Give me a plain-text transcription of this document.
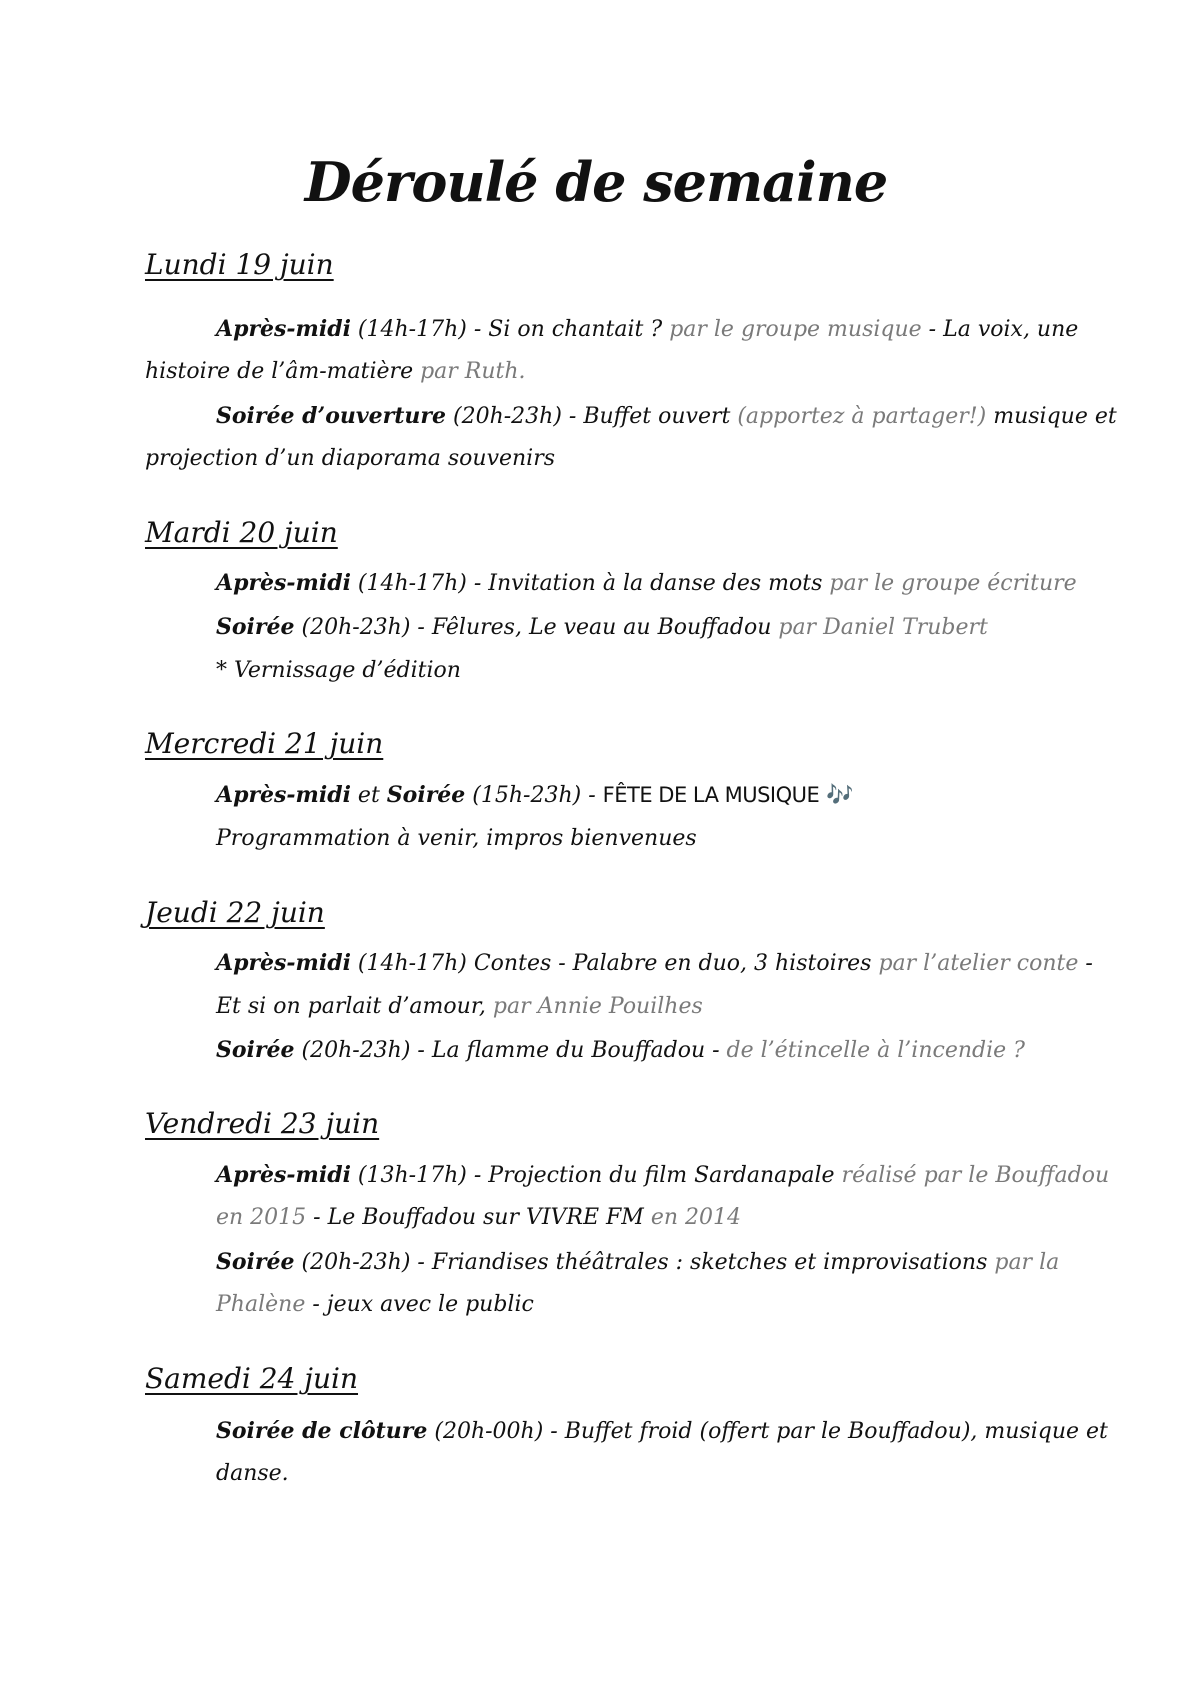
Déroulé de semaine
Lundi 19 juin
Après-midi (14h-17h) - Si on chantait ? par le groupe musique - La voix, une
histoire de l’âm-matière par Ruth.
Soirée d’ouverture (20h-23h) - Buffet ouvert (apportez à partager!) musique et
projection d’un diaporama souvenirs
Mardi 20 juin
Après-midi (14h-17h) - Invitation à la danse des mots par le groupe écriture
Soirée (20h-23h) - Fêlures, Le veau au Bouffadou par Daniel Trubert
* Vernissage d’édition
Mercredi 21 juin
Après-midi et Soirée (15h-23h) - FÊTE DE LA MUSIQUE 🎶
Programmation à venir, impros bienvenues
Jeudi 22 juin
Après-midi (14h-17h) Contes - Palabre en duo, 3 histoires par l’atelier conte -
Et si on parlait d’amour, par Annie Pouilhes
Soirée (20h-23h) - La flamme du Bouffadou - de l’étincelle à l’incendie ?
Vendredi 23 juin
Après-midi (13h-17h) - Projection du film Sardanapale réalisé par le Bouffadou
en 2015 - Le Bouffadou sur VIVRE FM en 2014
Soirée (20h-23h) - Friandises théâtrales : sketches et improvisations par la
Phalène - jeux avec le public
Samedi 24 juin
Soirée de clôture (20h-00h) - Buffet froid (offert par le Bouffadou), musique et
danse.
